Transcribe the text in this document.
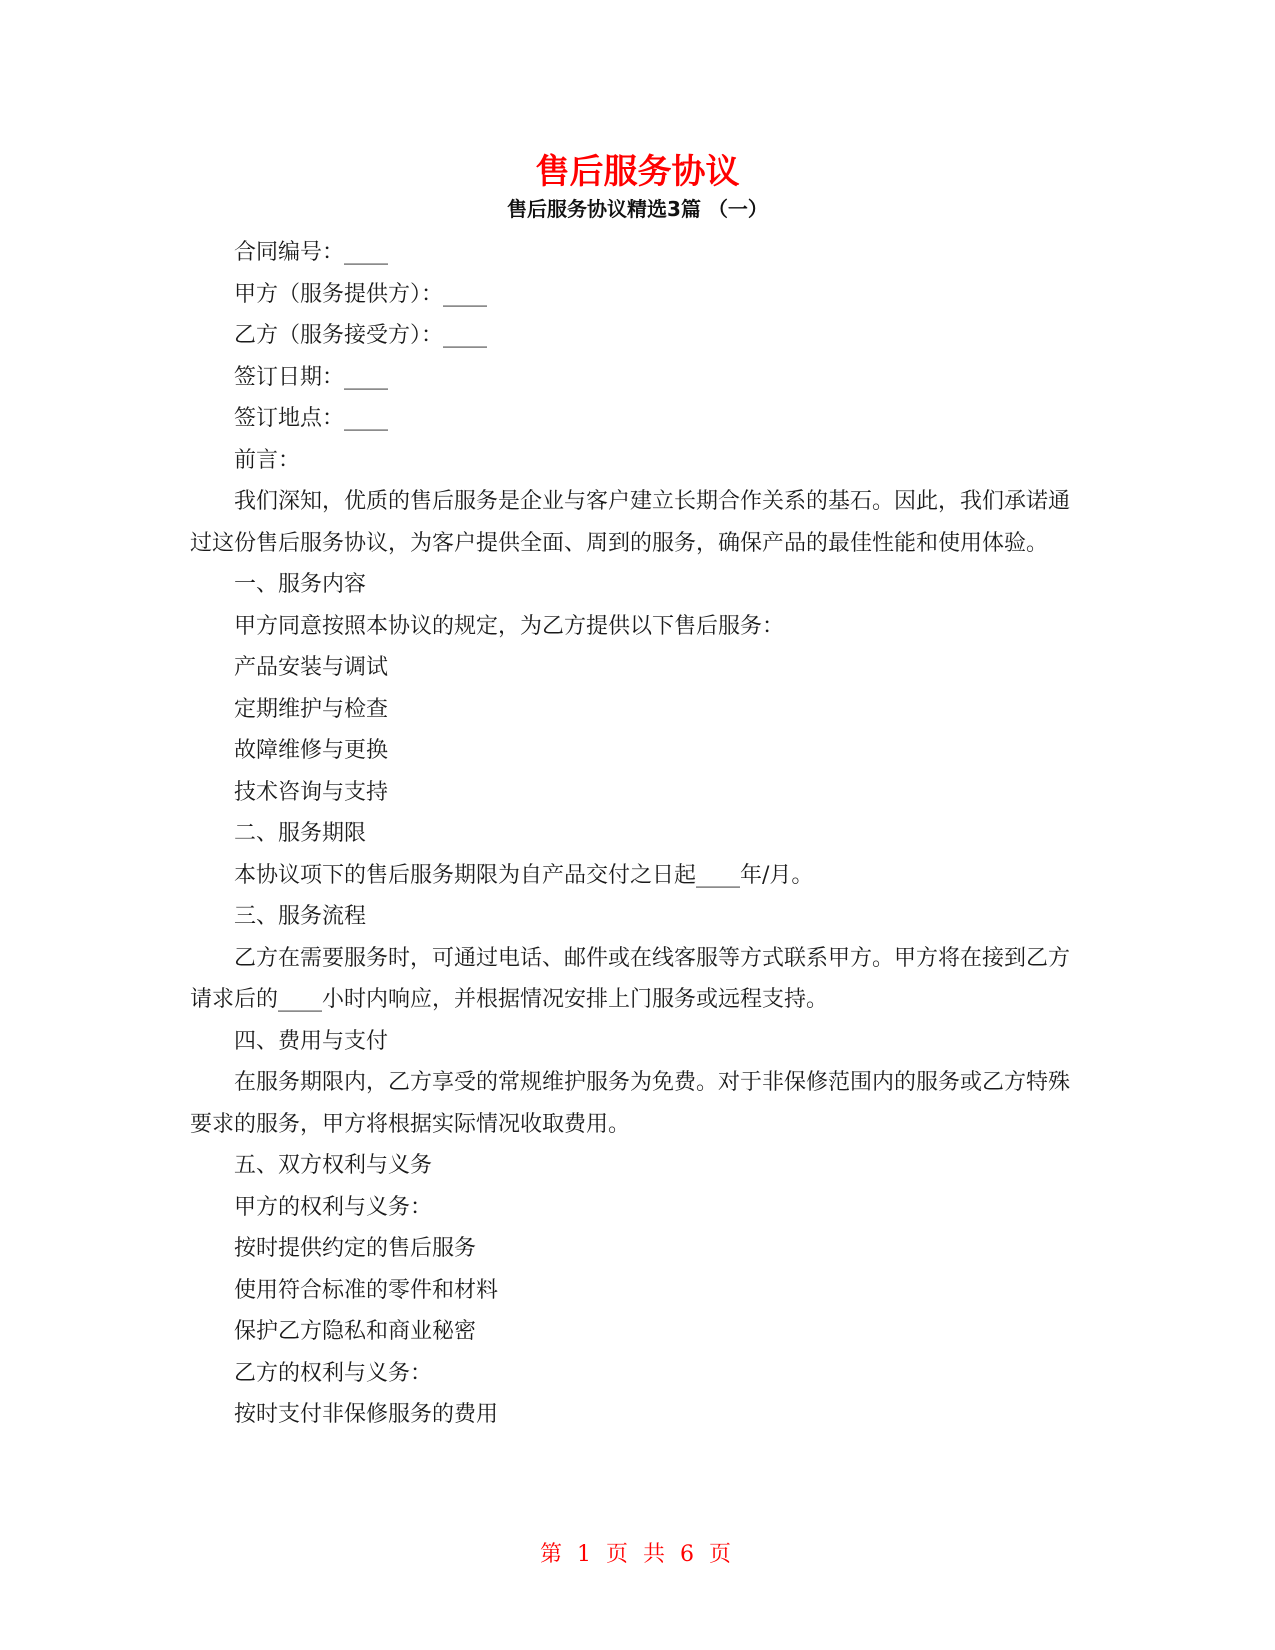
售后服务协议
售后服务协议精选3篇 （一）

合同编号：____

甲方（服务提供方）：____

乙方（服务接受方）：____

签订日期：____

签订地点：____

前言：

我们深知，优质的售后服务是企业与客户建立长期合作关系的基石。因此，我们承诺通过这份售后服务协议，为客户提供全面、周到的服务，确保产品的最佳性能和使用体验。

一、服务内容

甲方同意按照本协议的规定，为乙方提供以下售后服务：

产品安装与调试

定期维护与检查

故障维修与更换

技术咨询与支持

二、服务期限

本协议项下的售后服务期限为自产品交付之日起____年/月。

三、服务流程

乙方在需要服务时，可通过电话、邮件或在线客服等方式联系甲方。甲方将在接到乙方请求后的____小时内响应，并根据情况安排上门服务或远程支持。

四、费用与支付

在服务期限内，乙方享受的常规维护服务为免费。对于非保修范围内的服务或乙方特殊要求的服务，甲方将根据实际情况收取费用。

五、双方权利与义务

甲方的权利与义务：

按时提供约定的售后服务

使用符合标准的零件和材料

保护乙方隐私和商业秘密

乙方的权利与义务：

按时支付非保修服务的费用

第 1 页 共 6 页
